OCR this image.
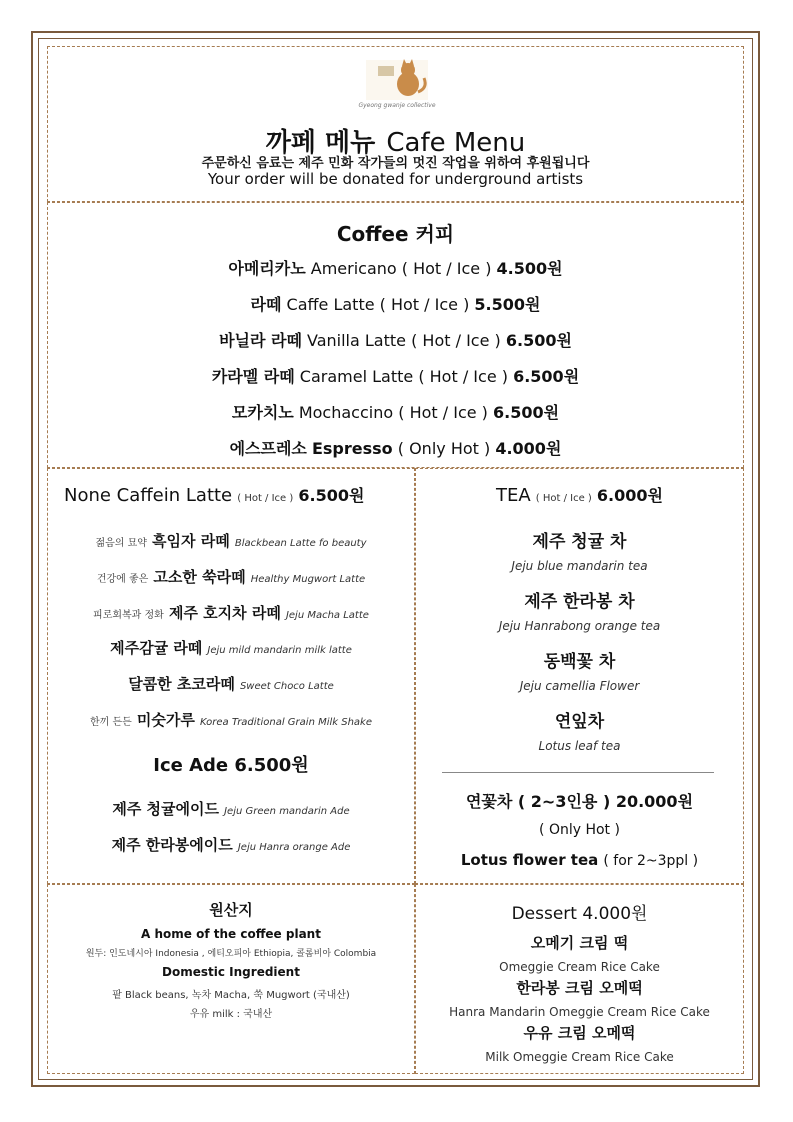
Gyeong gwanje collective
까페 메뉴 Cafe Menu
주문하신 음료는 제주 민화 작가들의 멋진 작업을 위하여 후원됩니다
Your order will be donated for underground artists
Coffee 커피
아메리카노 Americano ( Hot / Ice ) 4.500원
라떼 Caffe Latte ( Hot / Ice ) 5.500원
바닐라 라떼 Vanilla Latte ( Hot / Ice ) 6.500원
카라멜 라떼 Caramel Latte ( Hot / Ice ) 6.500원
모카치노 Mochaccino ( Hot / Ice ) 6.500원
에스프레소 Espresso ( Only Hot ) 4.000원
None Caffein Latte ( Hot / Ice ) 6.500원
젊음의 묘약 흑임자 라떼 Blackbean Latte fo beauty
건강에 좋은 고소한 쑥라떼 Healthy Mugwort Latte
피로회복과 정화 제주 호지차 라떼 Jeju Macha Latte
제주감귤 라떼 Jeju mild mandarin milk latte
달콤한 초코라떼 Sweet Choco Latte
한끼 든든 미숫가루 Korea Traditional Grain Milk Shake
Ice Ade 6.500원
제주 청귤에이드 Jeju Green mandarin Ade
제주 한라봉에이드 Jeju Hanra orange Ade
TEA ( Hot / Ice ) 6.000원
제주 청귤 차
Jeju blue mandarin tea
제주 한라봉 차
Jeju Hanrabong orange tea
동백꽃 차
Jeju camellia Flower
연잎차
Lotus leaf tea
연꽃차 ( 2~3인용 ) 20.000원
( Only Hot )
Lotus flower tea ( for 2~3ppl )
원산지
A home of the coffee plant
원두: 인도네시아 Indonesia , 에티오피아 Ethiopia, 콜롬비아 Colombia
Domestic Ingredient
팥 Black beans, 녹차 Macha, 쑥 Mugwort (국내산)
우유 milk : 국내산
Dessert 4.000원
오메기 크림 떡
Omeggie Cream Rice Cake
한라봉 크림 오메떡
Hanra Mandarin Omeggie Cream Rice Cake
우유 크림 오메떡
Milk Omeggie Cream Rice Cake
